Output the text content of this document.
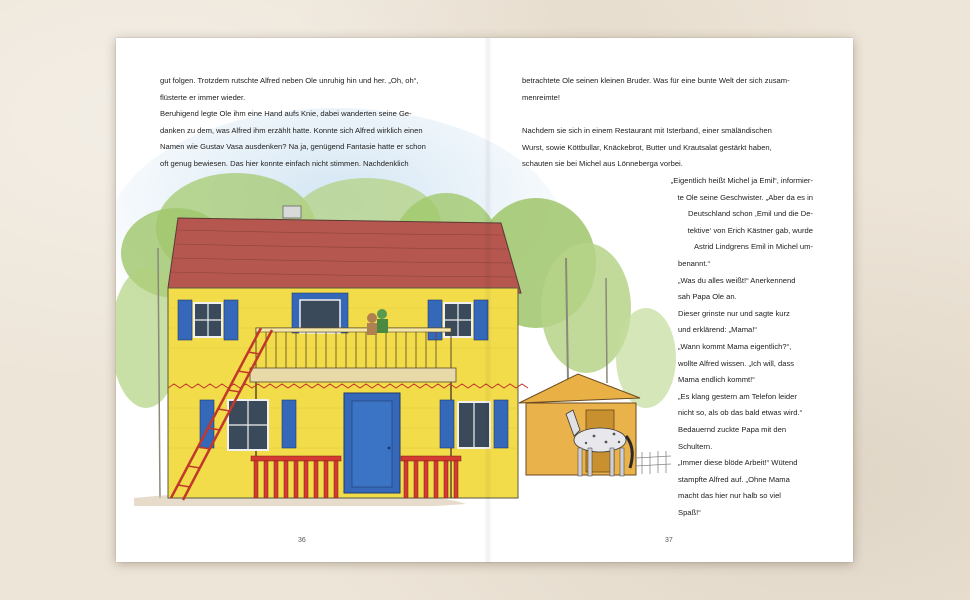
gut folgen. Trotzdem rutschte Alfred neben Ole unruhig hin und her. „Oh, oh“,

flüsterte er immer wieder.

Beruhigend legte Ole ihm eine Hand aufs Knie, dabei wanderten seine Ge-

danken zu dem, was Alfred ihm erzählt hatte. Konnte sich Alfred wirklich einen

Namen wie Gustav Vasa ausdenken? Na ja, genügend Fantasie hatte er schon

oft genug bewiesen. Das hier konnte einfach nicht stimmen. Nachdenklich

36

betrachtete Ole seinen kleinen Bruder. Was für eine bunte Welt der sich zusam-

menreimte!

Nachdem sie sich in einem Restaurant mit Isterband, einer smäländischen

Wurst, sowie Köttbullar, Knäckebrot, Butter und Krautsalat gestärkt haben,

schauten sie bei Michel aus Lönneberga vorbei.

„Eigentlich heißt Michel ja Emil“, informier-

te Ole seine Geschwister. „Aber da es in

Deutschland schon ,Emil und die De-

tektive‘ von Erich Kästner gab, wurde

Astrid Lindgrens Emil in Michel um-

benannt.“

„Was du alles weißt!“ Anerkennend

sah Papa Ole an.

Dieser grinste nur und sagte kurz

und erklärend: „Mama!“

„Wann kommt Mama eigentlich?“,

wollte Alfred wissen. „Ich will, dass

Mama endlich kommt!“

„Es klang gestern am Telefon leider

nicht so, als ob das bald etwas wird.“

Bedauernd zuckte Papa mit den

Schultern.

„Immer diese blöde Arbeit!“ Wütend

stampfte Alfred auf. „Ohne Mama

macht das hier nur halb so viel

Spaß!“

37
